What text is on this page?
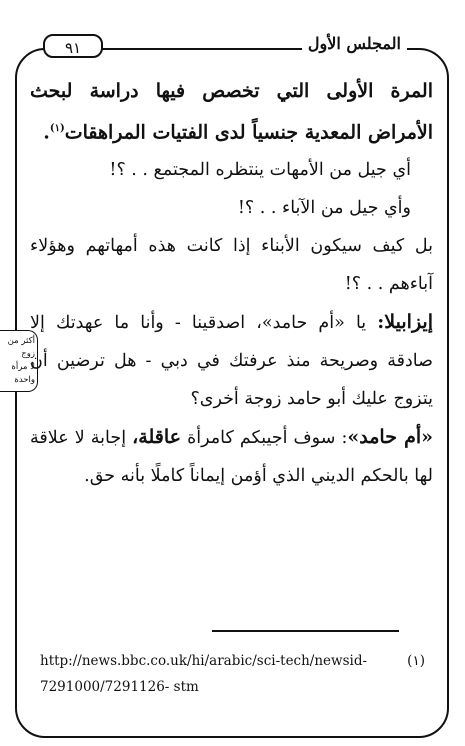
المجلس الأول
٩١
أكثر من
زوج
لا مرأة
واحدة

المرة الأولى التي تخصص فيها دراسة لبحث الأمراض المعدية جنسياً لدى الفتيات المراهقات$^{(١)}$.

أي جيل من الأمهات ينتظره المجتمع . . ؟!

وأي جيل من الآباء . . ؟!

بل كيف سيكون الأبناء إذا كانت هذه أمهاتهم وهؤلاء آباءهم . . ؟!

إيزابيلا: يا «أم حامد»، اصدقينا - وأنا ما عهدتك إلا صادقة وصريحة منذ عرفتك في دبي - هل ترضين أن يتزوج عليك أبو حامد زوجة أخرى؟

«أم حامد»: سوف أجيبكم كامرأة عاقلة، إجابة لا علاقة لها بالحكم الديني الذي أؤمن إيماناً كاملًا بأنه حق.

(١)
http://news.bbc.co.uk/hi/arabic/sci-tech/newsid-7291000/7291126- stm
